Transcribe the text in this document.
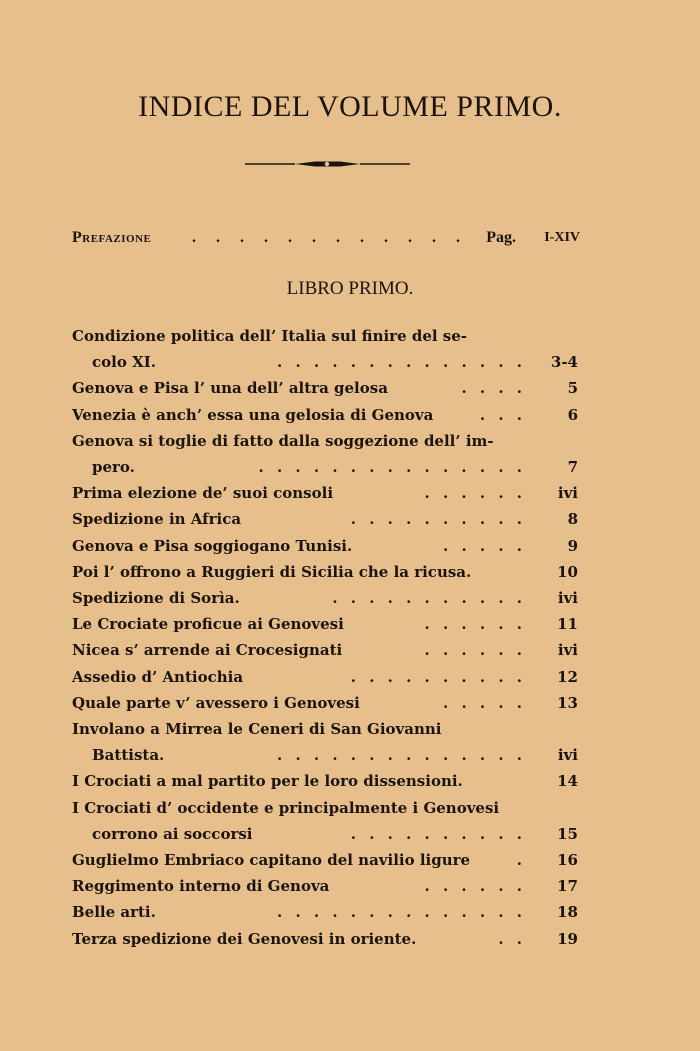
INDICE DEL VOLUME PRIMO.
Prefazione	. . . . . . . . . . . . Pag. I-XIV
LIBRO PRIMO.
Condizione politica dell’ Italia sul finire del se-
colo XI.	. . . . . . . . . . . . . . 3-4
Genova e Pisa l’ una dell’ altra gelosa	. . . .	5
Venezia è anch’ essa una gelosia di Genova	. . .	6
Genova si toglie di fatto dalla soggezione dell’ im-
pero.	. . . . . . . . . . . . . . .	7
Prima elezione de’ suoi consoli	. . . . . . ivi
Spedizione in Africa	. . . . . . . . . .	8
Genova e Pisa soggiogano Tunisi.	. . . . .	9
Poi l’ offrono a Ruggieri di Sicilia che la ricusa.	10
Spedizione di Sorìa.	. . . . . . . . . . . ivi
Le Crociate proficue ai Genovesi	. . . . . . 11
Nicea s’ arrende ai Crocesignati	. . . . . . ivi
Assedio d’ Antiochia	. . . . . . . . . . 12
Quale parte v’ avessero i Genovesi	. . . . . 13
Involano a Mirrea le Ceneri di San Giovanni
Battista.	. . . . . . . . . . . . . . ivi
I Crociati a mal partito per le loro dissensioni.	14
I Crociati d’ occidente e principalmente i Genovesi
corrono ai soccorsi	. . . . . . . . . . 15
Guglielmo Embriaco capitano del navilio ligure	. 16
Reggimento interno di Genova	. . . . . . 17
Belle arti.	. . . . . . . . . . . . . . 18
Terza spedizione dei Genovesi in oriente.	. . 19
